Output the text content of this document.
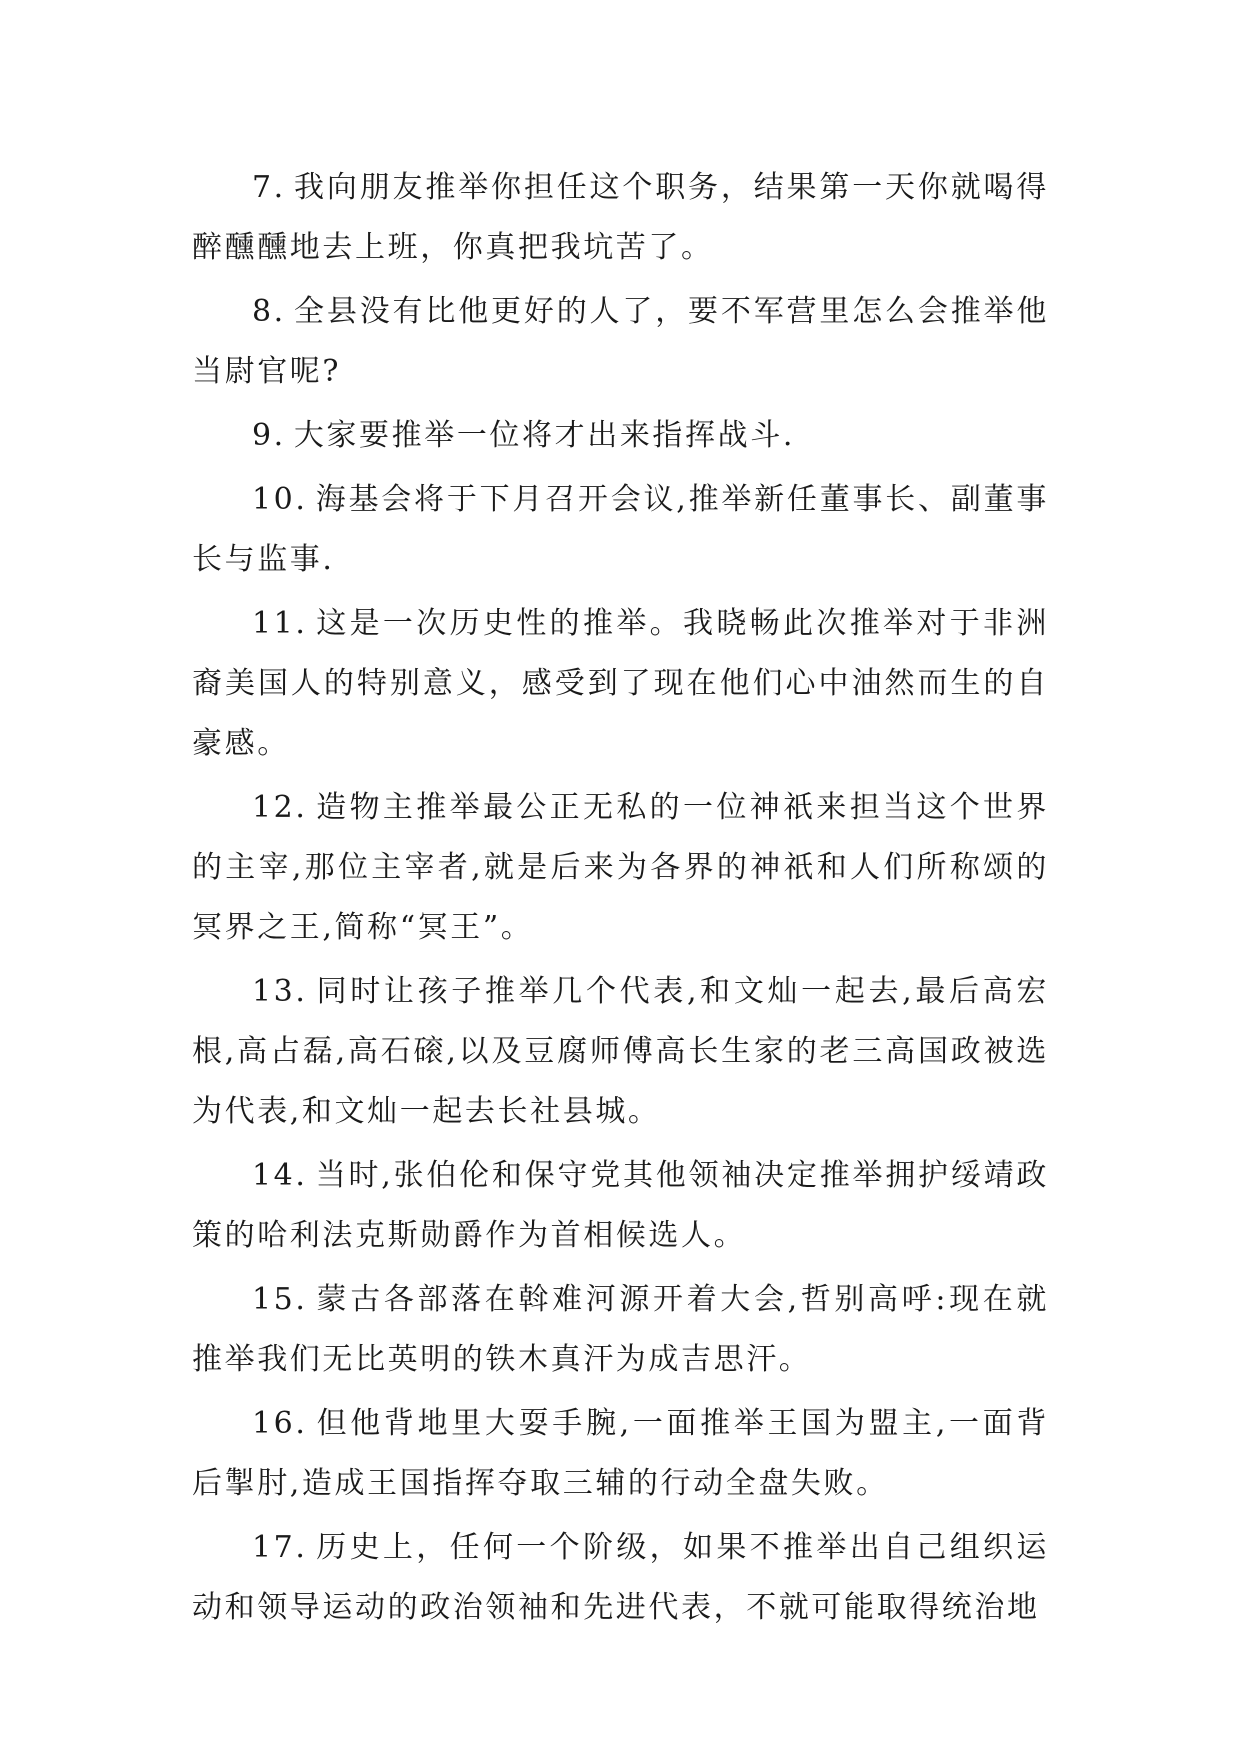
7. 我向朋友推举你担任这个职务，结果第一天你就喝得醉醺醺地去上班，你真把我坑苦了。

8. 全县没有比他更好的人了，要不军营里怎么会推举他当尉官呢?

9. 大家要推举一位将才出来指挥战斗.

10. 海基会将于下月召开会议,推举新任董事长、副董事长与监事.

11. 这是一次历史性的推举。我晓畅此次推举对于非洲裔美国人的特别意义，感受到了现在他们心中油然而生的自豪感。

12. 造物主推举最公正无私的一位神祇来担当这个世界的主宰,那位主宰者,就是后来为各界的神祇和人们所称颂的冥界之王,简称“冥王”。

13. 同时让孩子推举几个代表,和文灿一起去,最后高宏根,高占磊,高石磙,以及豆腐师傅高长生家的老三高国政被选为代表,和文灿一起去长社县城。

14. 当时,张伯伦和保守党其他领袖决定推举拥护绥靖政策的哈利法克斯勋爵作为首相候选人。

15. 蒙古各部落在斡难河源开着大会,哲别高呼:现在就推举我们无比英明的铁木真汗为成吉思汗。

16. 但他背地里大耍手腕,一面推举王国为盟主,一面背后掣肘,造成王国指挥夺取三辅的行动全盘失败。

17. 历史上，任何一个阶级，如果不推举出自己组织运动和领导运动的政治领袖和先进代表，不就可能取得统治地
